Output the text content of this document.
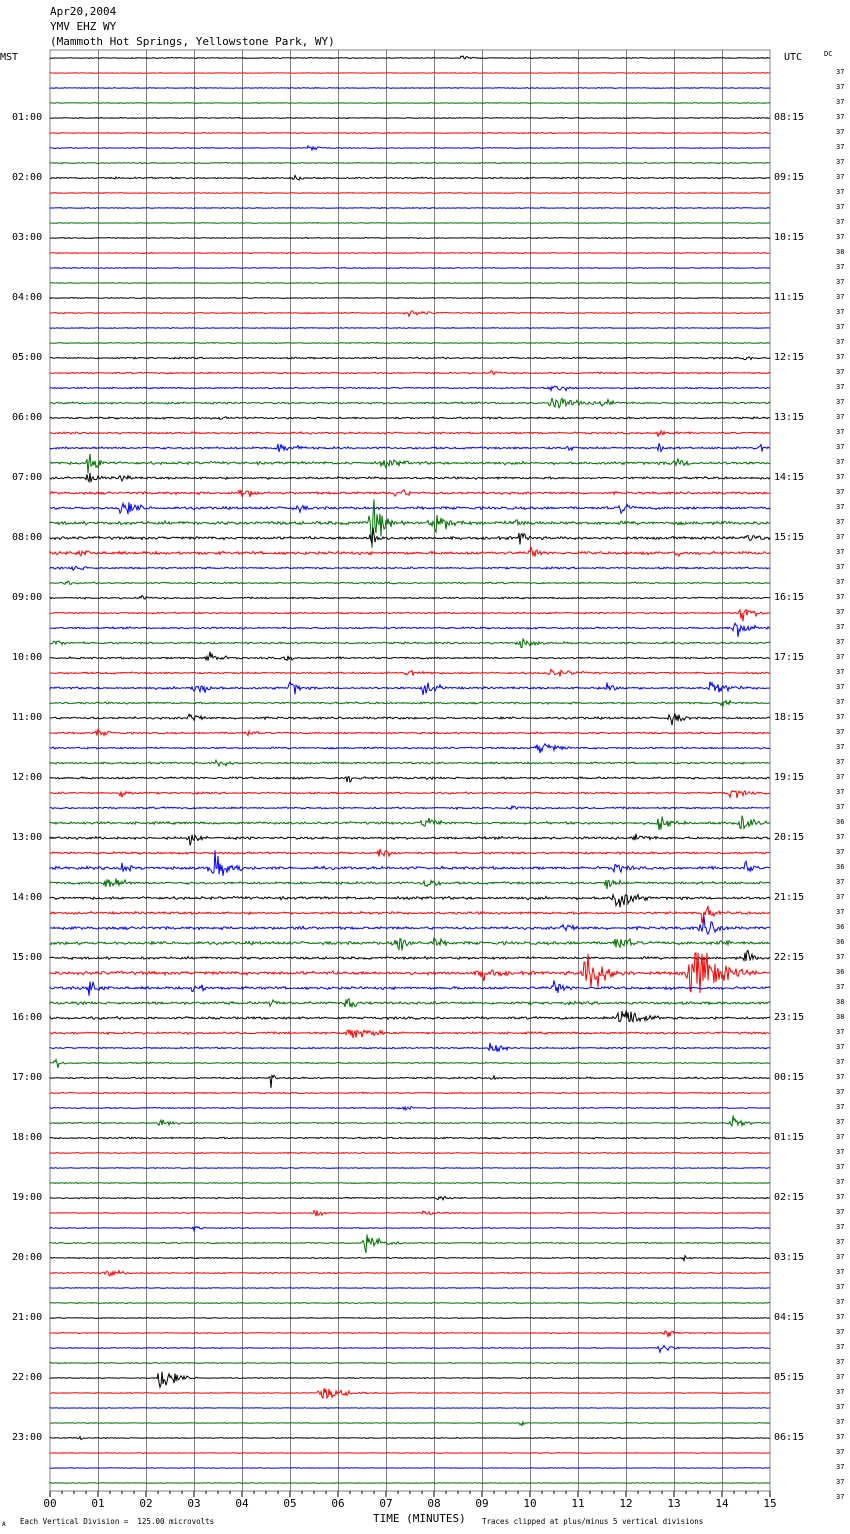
Apr20,2004
YMV EHZ WY
(Mammoth Hot Springs, Yellowstone Park, WY)
MST	UTC	DC
00	01	02	03	04	05	06	07	08	09	10	11	12	13	14	15
TIME (MINUTES)
Each Vertical Division =  125.00 microvolts	Traces clipped at plus/minus 5 vertical divisions
A
01:00
02:00
03:00
04:00
05:00
06:00
07:00
08:00
09:00
10:00
11:00
12:00
13:00
14:00
15:00
16:00
17:00
18:00
19:00
20:00
21:00
22:00
23:00
08:15
09:15
10:15
11:15
12:15
13:15
14:15
15:15
16:15
17:15
18:15
19:15
20:15
21:15
22:15
23:15
00:15
01:15
02:15
03:15
04:15
05:15
06:15
37
37
37
37
37
37
37
37
37
37
37
37
38
37
37
37
37
37
37
37
37
37
37
37
37
37
37
37
37
37
37
37
37
37
37
37
37
37
37
37
37
37
37
37
37
37
37
37
37
37
36
37
37
36
37
37
37
36
36
37
36
37
38
38
37
37
37
37
37
37
37
37
37
37
37
37
37
37
37
37
37
37
37
37
37
37
37
37
37
37
37
37
37
37
37
37
